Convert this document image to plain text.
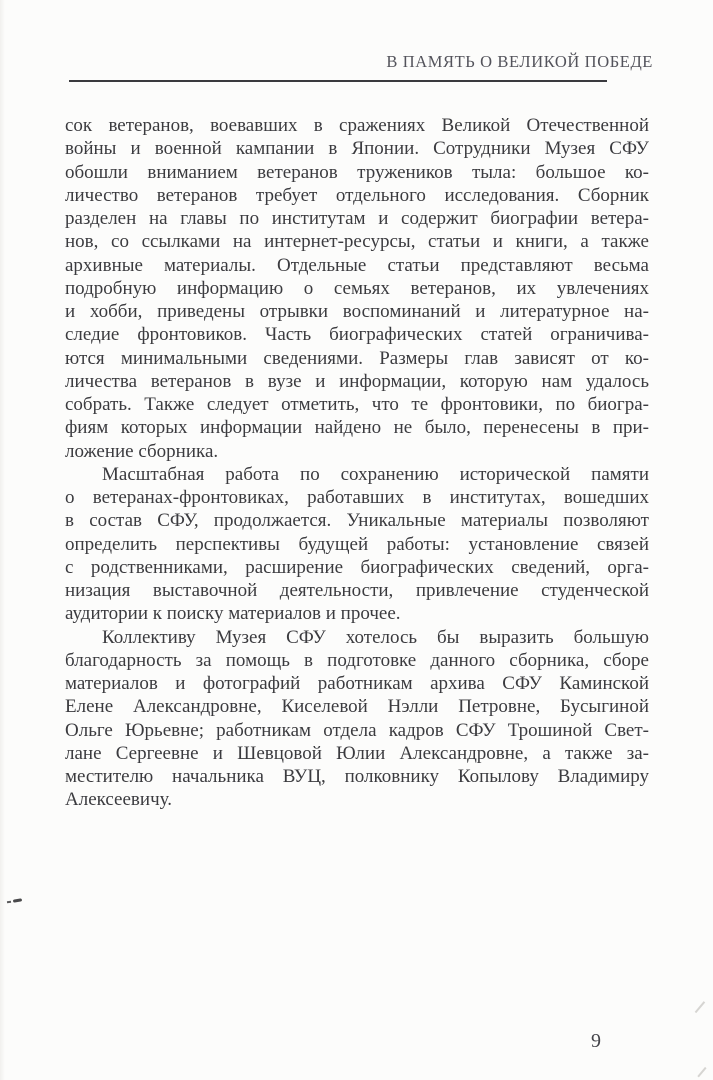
В ПАМЯТЬ О ВЕЛИКОЙ ПОБЕДЕ
сок ветеранов, воевавших в сражениях Великой Отечественной
войны и военной кампании в Японии. Сотрудники Музея СФУ
обошли вниманием ветеранов тружеников тыла: большое ко-
личество ветеранов требует отдельного исследования. Сборник
разделен на главы по институтам и содержит биографии ветера-
нов, со ссылками на интернет-ресурсы, статьи и книги, а также
архивные материалы. Отдельные статьи представляют весьма
подробную информацию о семьях ветеранов, их увлечениях
и хобби, приведены отрывки воспоминаний и литературное на-
следие фронтовиков. Часть биографических статей ограничива-
ются минимальными сведениями. Размеры глав зависят от ко-
личества ветеранов в вузе и информации, которую нам удалось
собрать. Также следует отметить, что те фронтовики, по биогра-
фиям которых информации найдено не было, перенесены в при-
ложение сборника.
Масштабная работа по сохранению исторической памяти
о ветеранах-фронтовиках, работавших в институтах, вошедших
в состав СФУ, продолжается. Уникальные материалы позволяют
определить перспективы будущей работы: установление связей
с родственниками, расширение биографических сведений, орга-
низация выставочной деятельности, привлечение студенческой
аудитории к поиску материалов и прочее.
Коллективу Музея СФУ хотелось бы выразить большую
благодарность за помощь в подготовке данного сборника, сборе
материалов и фотографий работникам архива СФУ Каминской
Елене Александровне, Киселевой Нэлли Петровне, Бусыгиной
Ольге Юрьевне; работникам отдела кадров СФУ Трошиной Свет-
лане Сергеевне и Шевцовой Юлии Александровне, а также за-
местителю начальника ВУЦ, полковнику Копылову Владимиру
Алексеевичу.
9
